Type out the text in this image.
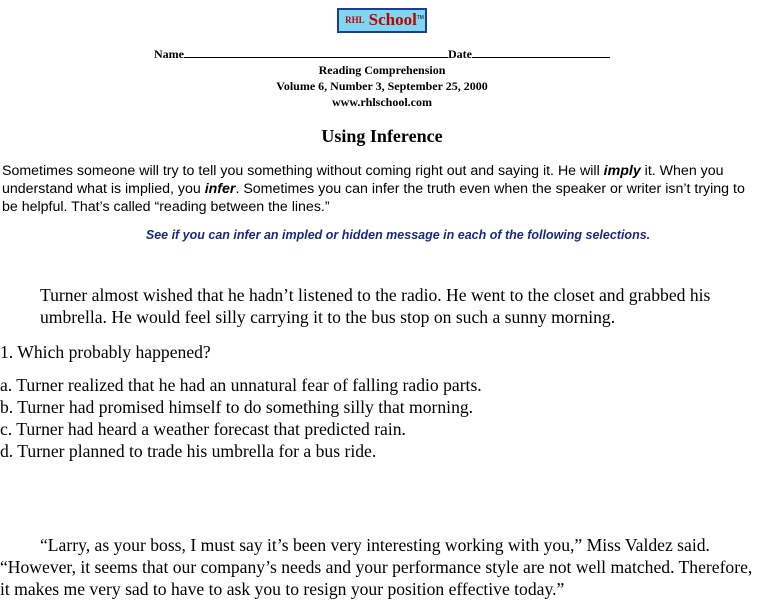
$^{RHL}$ School TM
Name	Date
Reading Comprehension
Volume 6, Number 3, September 25, 2000
www.rhlschool.com
Using Inference
Sometimes someone will try to tell you something without coming right out and saying it. He will imply it. When you understand what is implied, you infer. Sometimes you can infer the truth even when the speaker or writer isn’t trying to be helpful. That’s called “reading between the lines.”
See if you can infer an impled or hidden message in each of the following selections.
Turner almost wished that he hadn’t listened to the radio. He went to the closet and grabbed his umbrella. He would feel silly carrying it to the bus stop on such a sunny morning.
1. Which probably happened?
a. Turner realized that he had an unnatural fear of falling radio parts.
b. Turner had promised himself to do something silly that morning.
c. Turner had heard a weather forecast that predicted rain.
d. Turner planned to trade his umbrella for a bus ride.
“Larry, as your boss, I must say it’s been very interesting working with you,” Miss Valdez said. “However, it seems that our company’s needs and your performance style are not well matched. Therefore, it makes me very sad to have to ask you to resign your position effective today.”
